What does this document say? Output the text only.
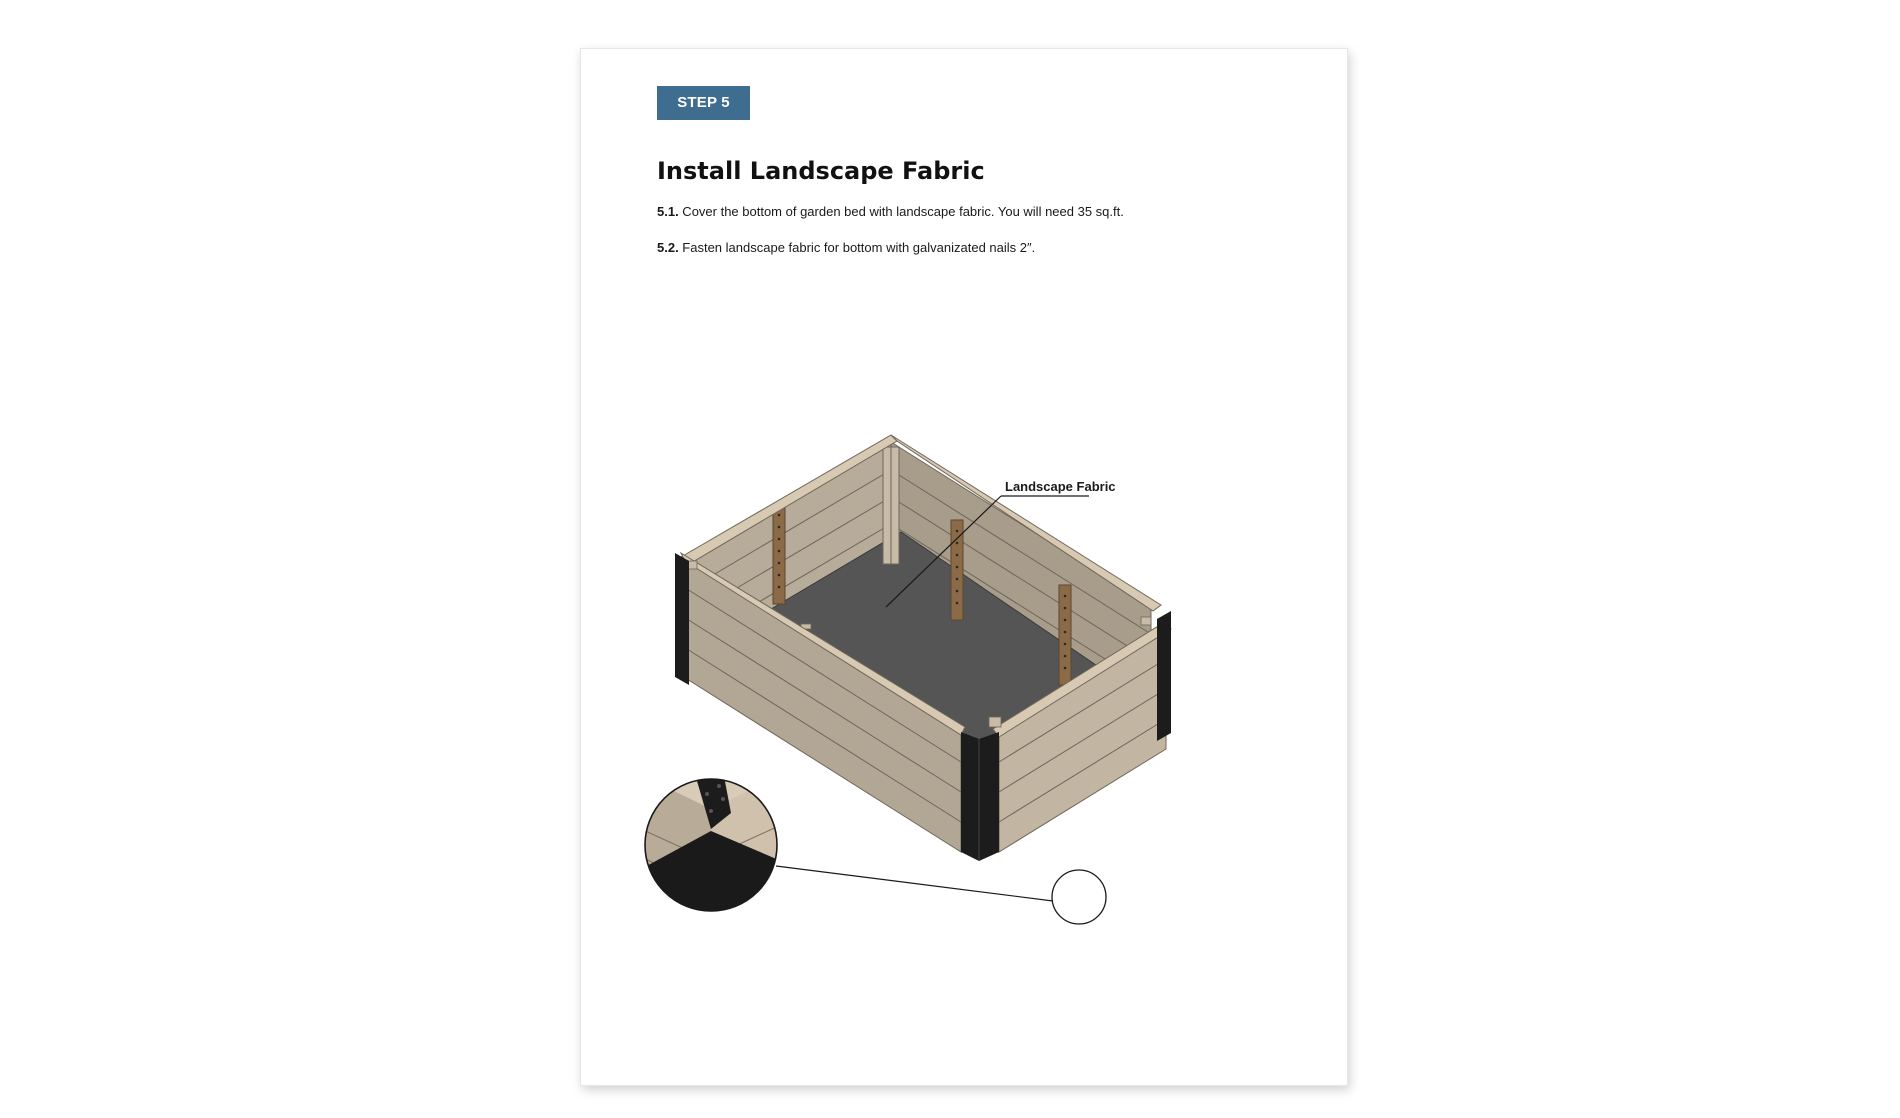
STEP 5
Install Landscape Fabric

5.1. Cover the bottom of garden bed with landscape fabric. You will need 35 sq.ft.

5.2. Fasten landscape fabric for bottom with galvanizated nails 2″.

Landscape Fabric
